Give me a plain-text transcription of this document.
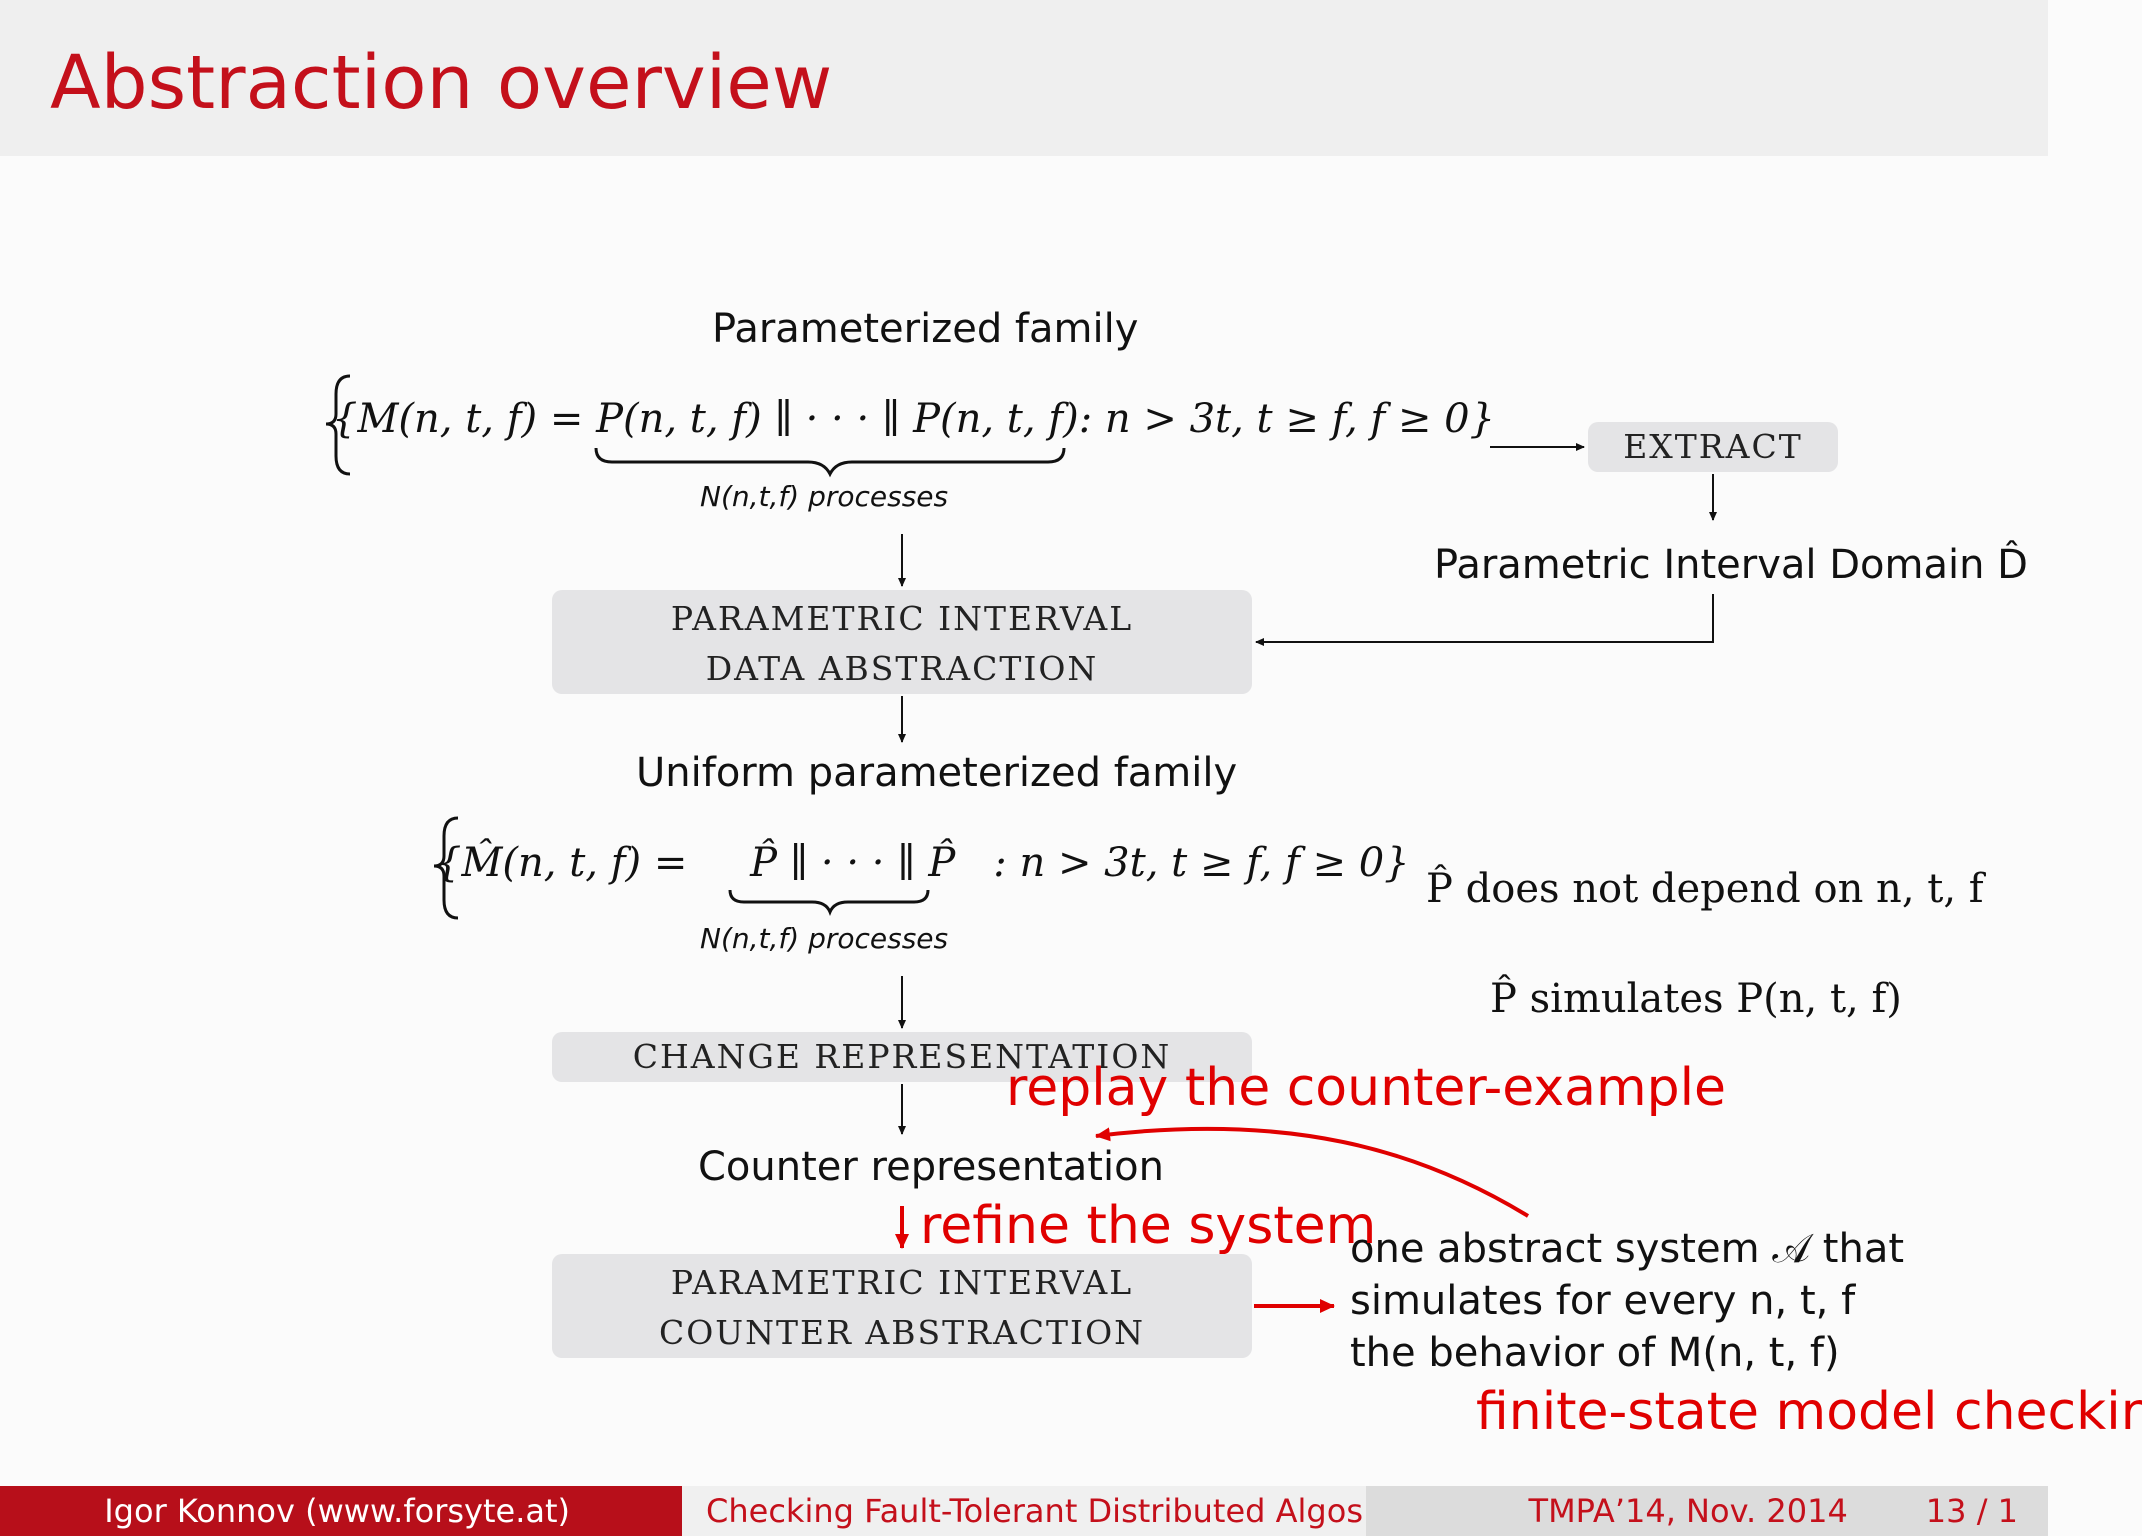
Abstraction overview
Parameterized family
{M(n, t, f) = P(n, t, f) ∥ · · · ∥ P(n, t, f): n > 3t, t ≥ f, f ≥ 0}
N(n,t,f) processes
EXTRACT
Parametric Interval Domain D̂
PARAMETRIC INTERVAL
DATA ABSTRACTION
Uniform parameterized family
{M̂(n, t, f) = P̂ ∥ · · · ∥ P̂ : n > 3t, t ≥ f, f ≥ 0}
N(n,t,f) processes
P̂ does not depend on n, t, f
P̂ simulates P(n, t, f)
CHANGE REPRESENTATION
Counter representation
PARAMETRIC INTERVAL
COUNTER ABSTRACTION
one abstract system 𝒜 that
simulates for every n, t, f
the behavior of M(n, t, f)
replay the counter-example
refine the system
finite-state model checkir
Igor Konnov (www.forsyte.at)	Checking Fault-Tolerant Distributed Algos	TMPA’14, Nov. 2014 13 / 1
